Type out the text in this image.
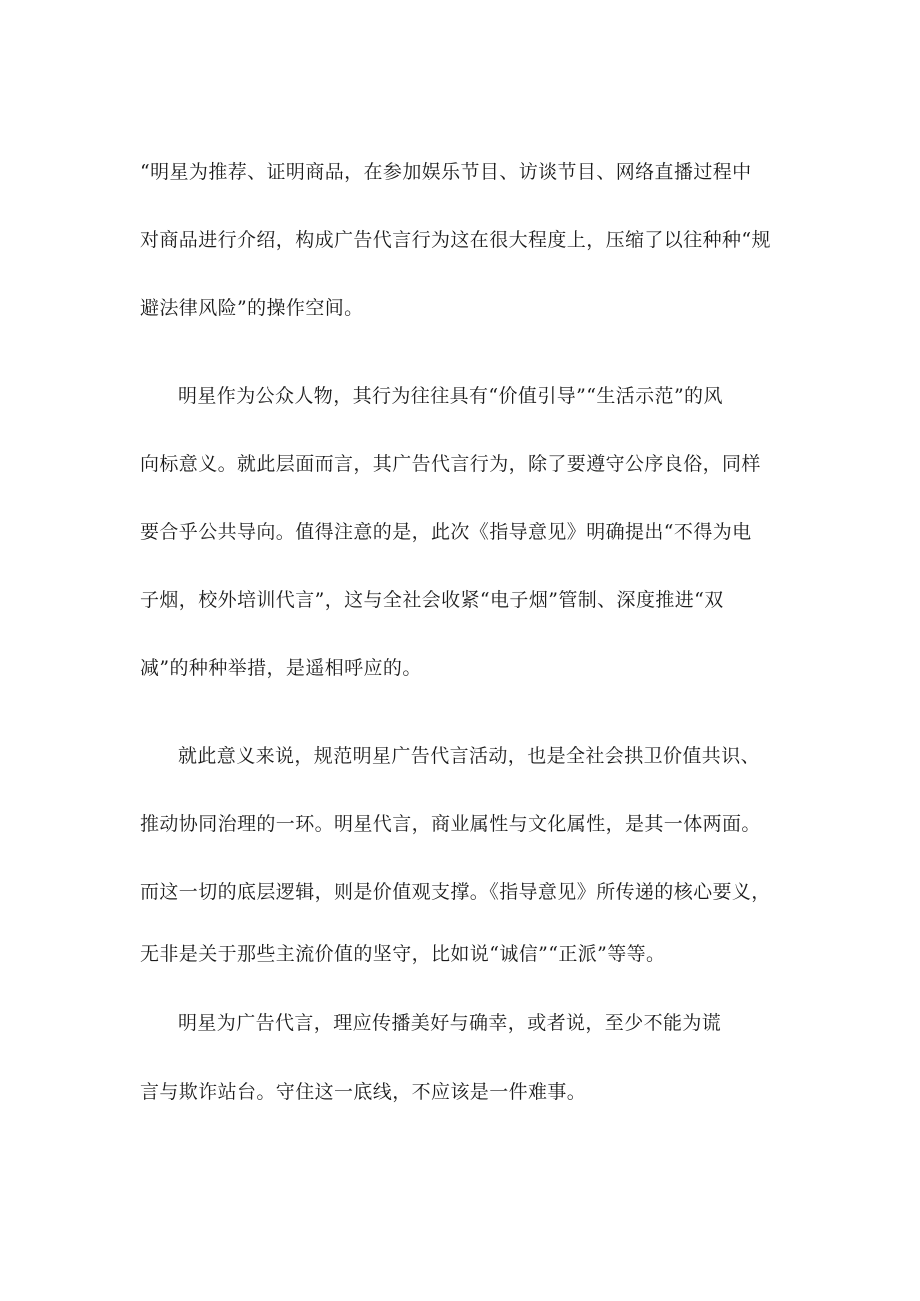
“明星为推荐、证明商品，在参加娱乐节目、访谈节目、网络直播过程中

对商品进行介绍，构成广告代言行为这在很大程度上，压缩了以往种种“规

避法律风险”的操作空间。

明星作为公众人物，其行为往往具有“价值引导”“生活示范”的风

向标意义。就此层面而言，其广告代言行为，除了要遵守公序良俗，同样

要合乎公共导向。值得注意的是，此次《指导意见》明确提出“不得为电

子烟，校外培训代言”，这与全社会收紧“电子烟”管制、深度推进“双

减”的种种举措，是遥相呼应的。

就此意义来说，规范明星广告代言活动，也是全社会拱卫价值共识、

推动协同治理的一环。明星代言，商业属性与文化属性，是其一体两面。

而这一切的底层逻辑，则是价值观支撑。《指导意见》所传递的核心要义，

无非是关于那些主流价值的坚守，比如说“诚信”“正派”等等。

明星为广告代言，理应传播美好与确幸，或者说，至少不能为谎

言与欺诈站台。守住这一底线，不应该是一件难事。
